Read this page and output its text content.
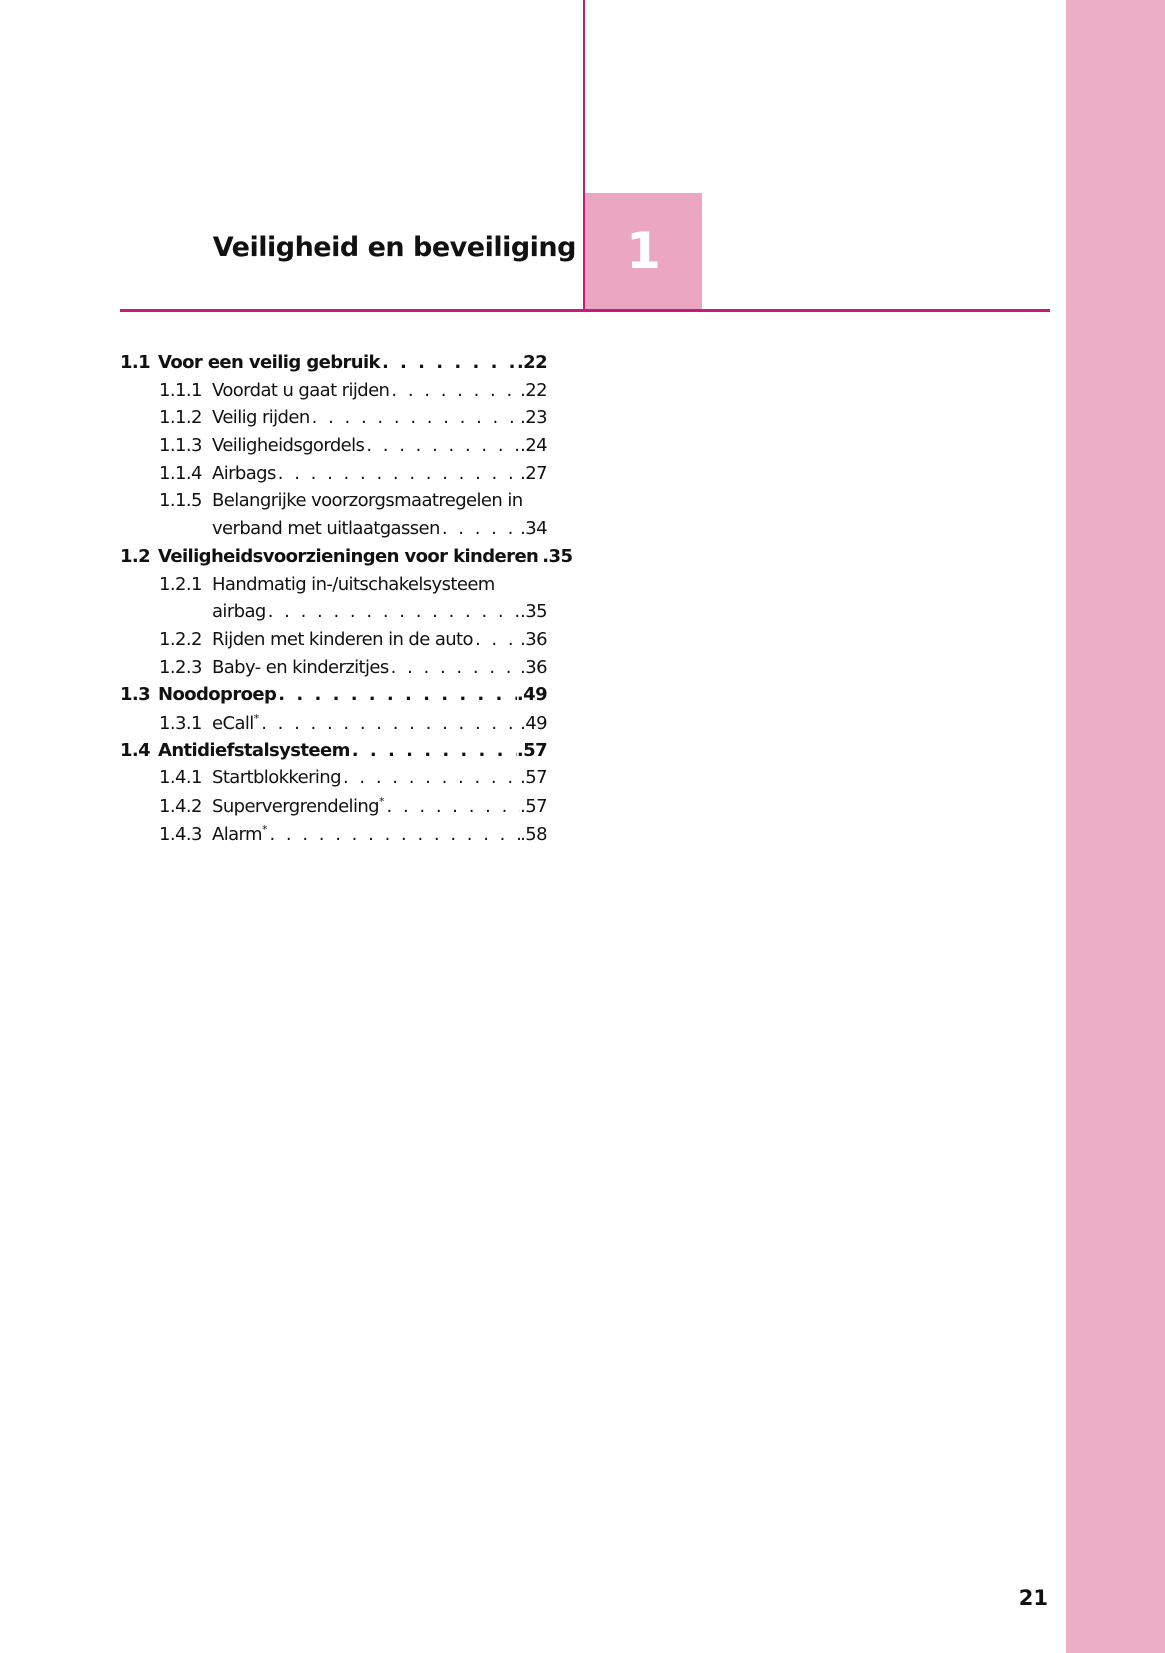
Veiligheid en beveiliging 1
1.1 Voor een veilig gebruik . . .	.22
1.1.1 Voordat u gaat rijden . . .	.22
1.1.2 Veilig rijden . . .	.23
1.1.3 Veiligheidsgordels . . .	.24
1.1.4 Airbags . . .	.27
1.1.5 Belangrijke voorzorgsmaatregelen in
verband met uitlaatgassen . . .	.34
1.2 Veiligheidsvoorzieningen voor kinderen . . . .35
1.2.1 Handmatig in-/uitschakelsysteem
airbag . . .	.35
1.2.2 Rijden met kinderen in de auto . . .	.36
1.2.3 Baby- en kinderzitjes . . .	.36
1.3 Noodoproep . . .	.49
1.3.1 eCall* . . .	.49
1.4 Antidiefstalsysteem . . .	.57
1.4.1 Startblokkering . . .	.57
1.4.2 Supervergrendeling* . . .	.57
1.4.3 Alarm* . . .	.58
21
